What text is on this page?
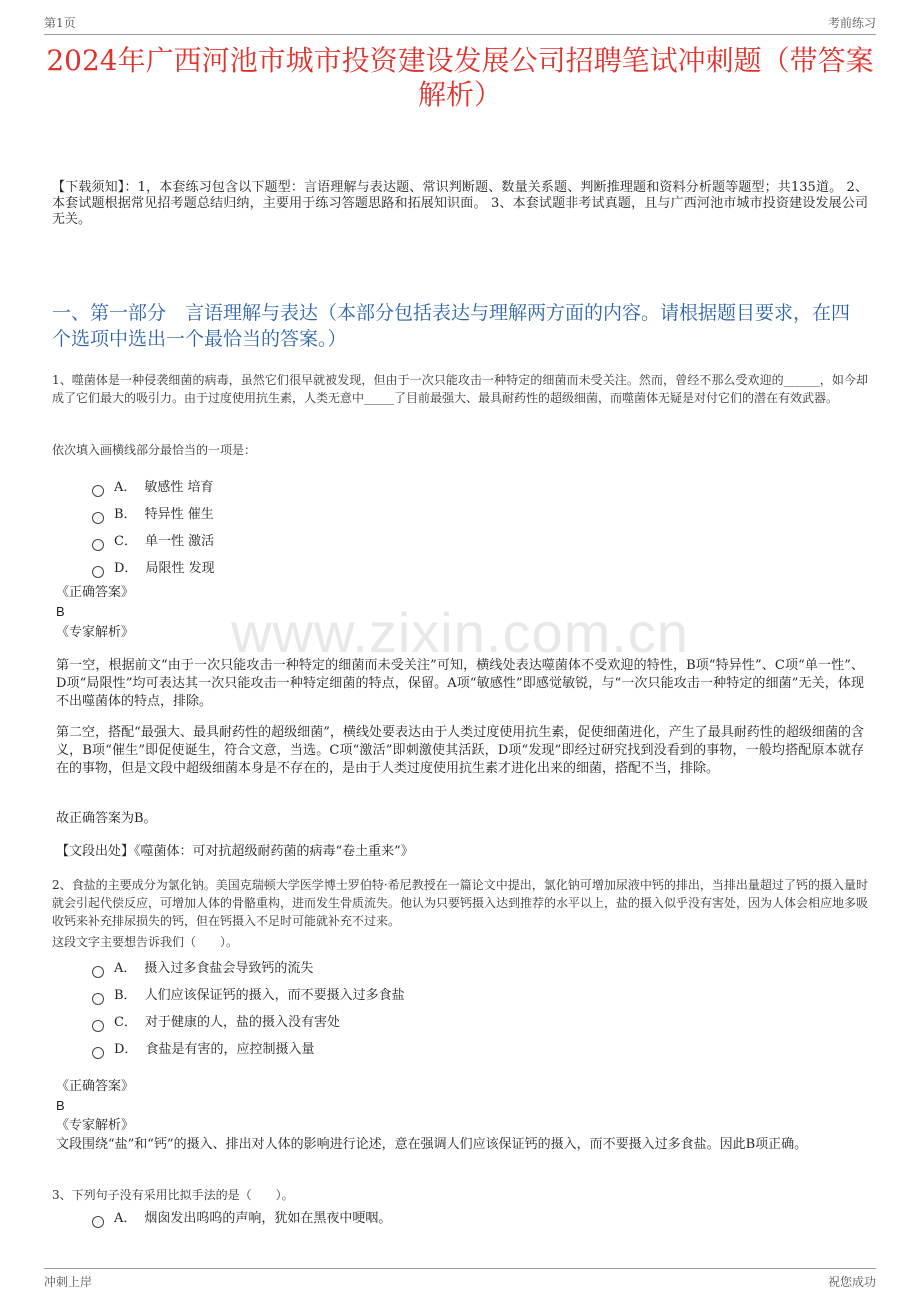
www.zixin.com.cn
第1页	考前练习
2024年广西河池市城市投资建设发展公司招聘笔试冲刺题（带答案解析）
【下载须知】：1，本套练习包含以下题型：言语理解与表达题、常识判断题、数量关系题、判断推理题和资料分析题等题型；共135道。 2、本套试题根据常见招考题总结归纳，主要用于练习答题思路和拓展知识面。 3、本套试题非考试真题，且与广西河池市城市投资建设发展公司无关。
一、第一部分　言语理解与表达（本部分包括表达与理解两方面的内容。请根据题目要求，在四个选项中选出一个最恰当的答案。）
1、噬菌体是一种侵袭细菌的病毒，虽然它们很早就被发现，但由于一次只能攻击一种特定的细菌而未受关注。然而，曾经不那么受欢迎的______，如今却成了它们最大的吸引力。由于过度使用抗生素，人类无意中_____了目前最强大、最具耐药性的超级细菌，而噬菌体无疑是对付它们的潜在有效武器。
依次填入画横线部分最恰当的一项是：
A． 敏感性 培育
B． 特异性 催生
C． 单一性 激活
D． 局限性 发现
《正确答案》
B
《专家解析》
第一空，根据前文“由于一次只能攻击一种特定的细菌而未受关注”可知，横线处表达噬菌体不受欢迎的特性，B项“特异性”、C项“单一性”、D项“局限性”均可表达其一次只能攻击一种特定细菌的特点，保留。A项“敏感性”即感觉敏锐，与“一次只能攻击一种特定的细菌”无关，体现不出噬菌体的特点，排除。
第二空，搭配“最强大、最具耐药性的超级细菌”，横线处要表达由于人类过度使用抗生素，促使细菌进化，产生了最具耐药性的超级细菌的含义，B项“催生”即促使诞生，符合文意，当选。C项“激活”即刺激使其活跃，D项“发现”即经过研究找到没看到的事物，一般均搭配原本就存在的事物，但是文段中超级细菌本身是不存在的，是由于人类过度使用抗生素才进化出来的细菌，搭配不当，排除。
故正确答案为B。
【文段出处】《噬菌体：可对抗超级耐药菌的病毒“卷土重来”》
2、食盐的主要成分为氯化钠。美国克瑞顿大学医学博士罗伯特·希尼教授在一篇论文中提出，氯化钠可增加尿液中钙的排出，当排出量超过了钙的摄入量时就会引起代偿反应，可增加人体的骨骼重构，进而发生骨质流失。他认为只要钙摄入达到推荐的水平以上，盐的摄入似乎没有害处，因为人体会相应地多吸收钙来补充排尿损失的钙，但在钙摄入不足时可能就补充不过来。
这段文字主要想告诉我们（　　）。
A． 摄入过多食盐会导致钙的流失
B． 人们应该保证钙的摄入，而不要摄入过多食盐
C． 对于健康的人，盐的摄入没有害处
D． 食盐是有害的，应控制摄入量
《正确答案》
B
《专家解析》
文段围绕“盐”和“钙”的摄入、排出对人体的影响进行论述，意在强调人们应该保证钙的摄入，而不要摄入过多食盐。因此B项正确。
3、下列句子没有采用比拟手法的是（　　）。
A． 烟囱发出呜呜的声响，犹如在黑夜中哽咽。
冲刺上岸	祝您成功
